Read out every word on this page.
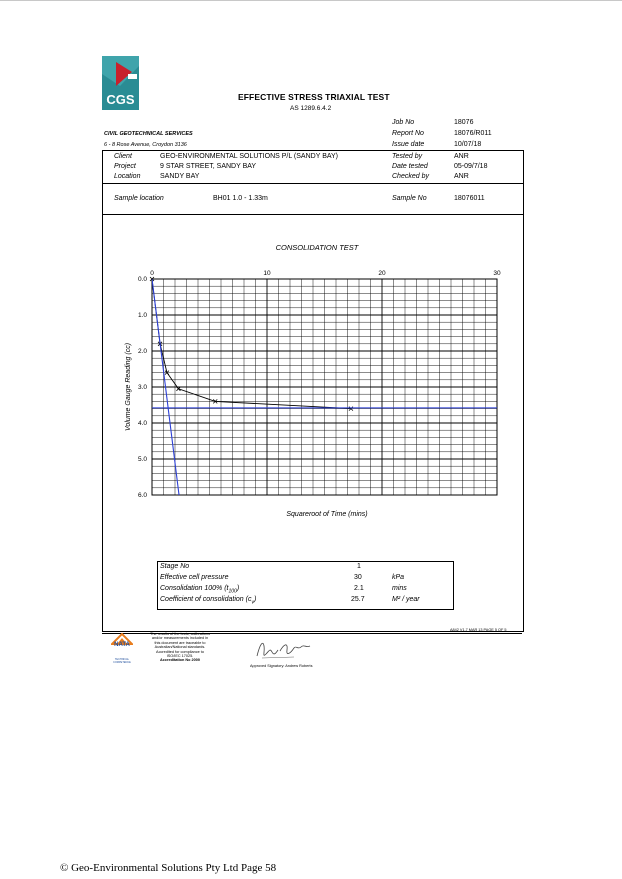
CGS	EFFECTIVE STRESS TRIAXIAL TEST
AS 1289.6.4.2
CIVIL GEOTECHNICAL SERVICES
6 - 8 Rose Avenue, Croydon 3136
Job No	18076
Report No	18076/R011
Issue date	10/07/18
Client	GEO-ENVIRONMENTAL SOLUTIONS P/L (SANDY BAY)
Project	9 STAR STREET, SANDY BAY
Location	SANDY BAY
Tested by	ANR
Date tested	05-09/7/18
Checked by	ANR
Sample location	BH01 1.0 - 1.33m	Sample No	18076011
0	10	20	30
0.0
1.0
2.0
3.0
4.0
5.0
6.0
CONSOLIDATION TEST
Squareroot of Time (mins)
Volume Gauge Reading (cc)
Stage No	1
Effective cell pressure	30	kPa
Consolidation 100% $(t_{100})$	2.1	mins
Coefficient of consolidation $(c_v)$	25.7	M² / year
A842 V1.7 MAR 13 PAGE 5 OF 5
NATA
TECHNICAL COMPETENCE
The results of the tests, calibrations
and/or measurements included in
this document are traceable to
Australian/National standards.
Accredited for compliance to
ISO/IEC 17025.
Accreditation No 2000
Approved Signatory: Andrew Roberts
© Geo-Environmental Solutions Pty Ltd Page 58
